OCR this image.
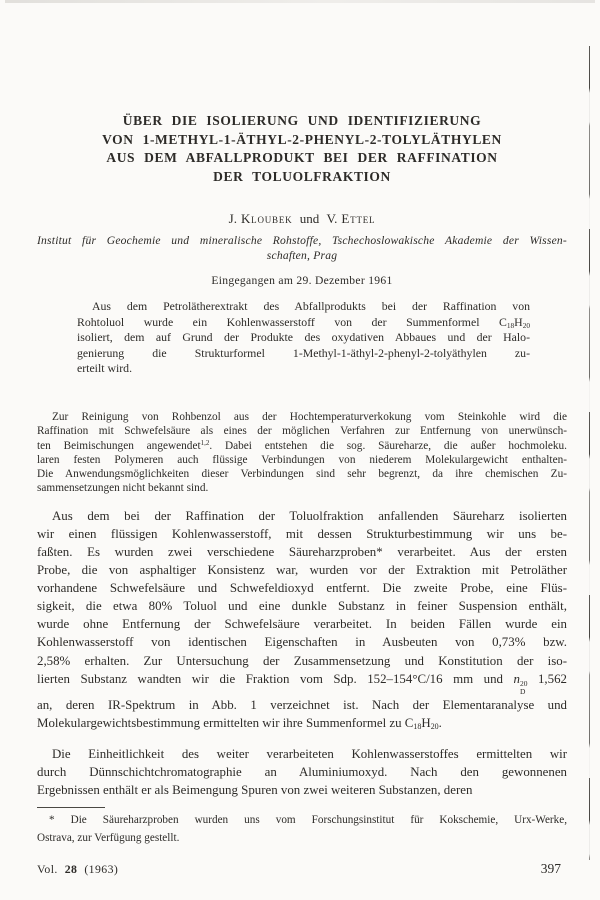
ÜBER DIE ISOLIERUNG UND IDENTIFIZIERUNG
VON 1-METHYL-1-ÄTHYL-2-PHENYL-2-TOLYLÄTHYLEN
AUS DEM ABFALLPRODUKT BEI DER RAFFINATION
DER TOLUOLFRAKTION
J. Kloubek und V. Ettel
Institut für Geochemie und mineralische Rohstoffe, Tschechoslowakische Akademie der Wissen-
schaften, Prag
Eingegangen am 29. Dezember 1961
Aus dem Petrolätherextrakt des Abfallprodukts bei der Raffination von
Rohtoluol wurde ein Kohlenwasserstoff von der Summenformel $C_{18}H_{20}$
isoliert, dem auf Grund der Produkte des oxydativen Abbaues und der Halo-
genierung die Strukturformel 1-Methyl-1-äthyl-2-phenyl-2-tolyäthylen zu-
erteilt wird.
Zur Reinigung von Rohbenzol aus der Hochtemperaturverkokung vom Steinkohle wird die
Raffination mit Schwefelsäure als eines der möglichen Verfahren zur Entfernung von unerwünsch-
ten Beimischungen angewendet$^{1,2}$. Dabei entstehen die sog. Säureharze, die außer hochmoleku.
laren festen Polymeren auch flüssige Verbindungen von niederem Molekulargewicht enthalten-
Die Anwendungsmöglichkeiten dieser Verbindungen sind sehr begrenzt, da ihre chemischen Zu-
sammensetzungen nicht bekannt sind.
Aus dem bei der Raffination der Toluolfraktion anfallenden Säureharz isolierten
wir einen flüssigen Kohlenwasserstoff, mit dessen Strukturbestimmung wir uns be-
faßten. Es wurden zwei verschiedene Säureharzproben* verarbeitet. Aus der ersten
Probe, die von asphaltiger Konsistenz war, wurden vor der Extraktion mit Petroläther
vorhandene Schwefelsäure und Schwefeldioxyd entfernt. Die zweite Probe, eine Flüs-
sigkeit, die etwa 80% Toluol und eine dunkle Substanz in feiner Suspension enthält,
wurde ohne Entfernung der Schwefelsäure verarbeitet. In beiden Fällen wurde ein
Kohlenwasserstoff von identischen Eigenschaften in Ausbeuten von 0,73% bzw.
2,58% erhalten. Zur Untersuchung der Zusammensetzung und Konstitution der iso-
lierten Substanz wandten wir die Fraktion vom Sdp. 152–154°C/16 mm und n 20
D
1,562
an, deren IR-Spektrum in Abb. 1 verzeichnet ist. Nach der Elementaranalyse und
Molekulargewichtsbestimmung ermittelten wir ihre Summenformel zu $C_{18}H_{20}$.
Die Einheitlichkeit des weiter verarbeiteten Kohlenwasserstoffes ermittelten wir
durch Dünnschichtchromatographie an Aluminiumoxyd. Nach den gewonnenen
Ergebnissen enthält er als Beimengung Spuren von zwei weiteren Substanzen, deren
* Die Säureharzproben wurden uns vom Forschungsinstitut für Kokschemie, Urx-Werke,
Ostrava, zur Verfügung gestellt.
Vol. 28 (1963)	397
